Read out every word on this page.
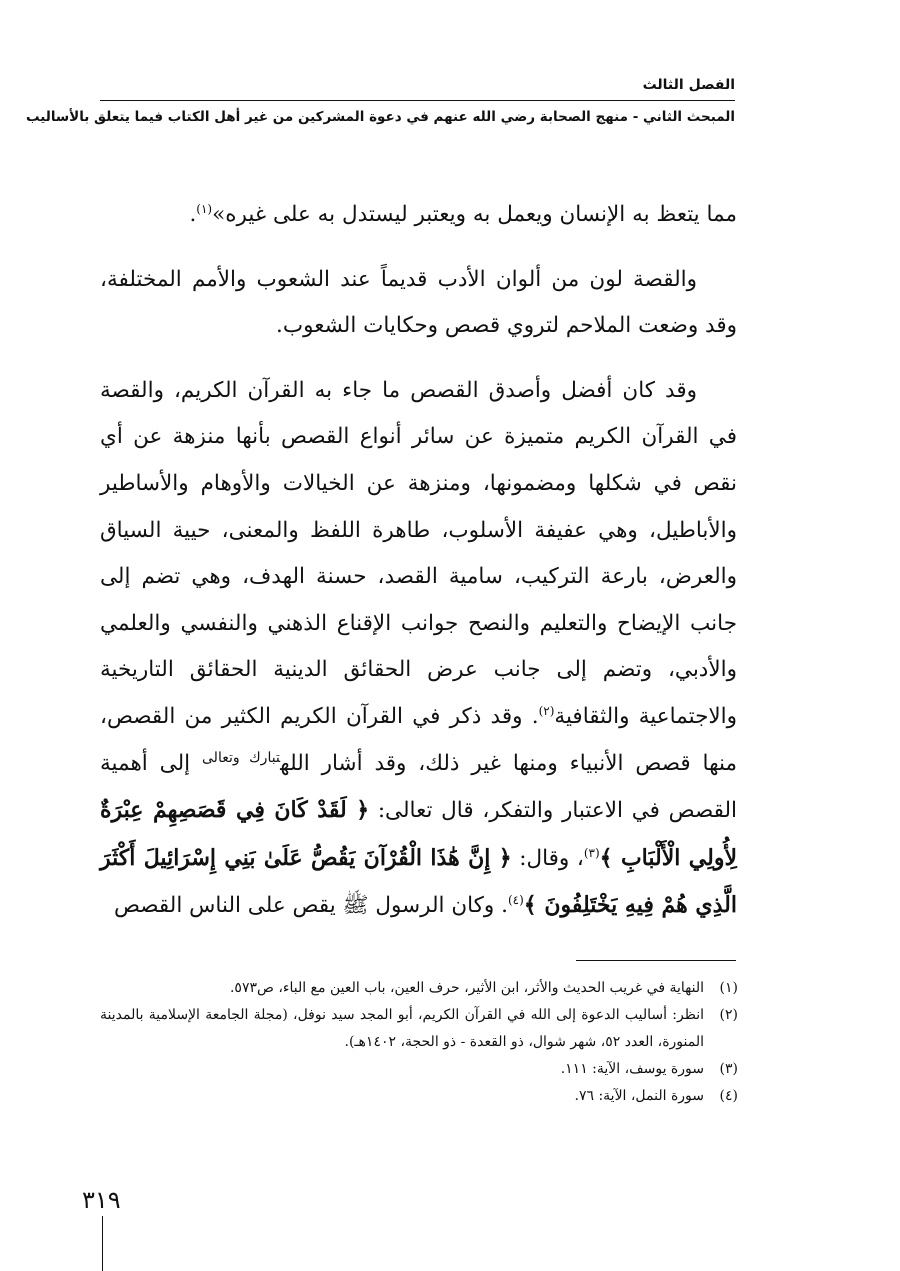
الفصل الثالث
المبحث الثاني - منهج الصحابة رضي الله عنهم في دعوة المشركين من غير أهل الكتاب فيما يتعلق بالأساليب

مما يتعظ به الإنسان ويعمل به ويعتبر ليستدل به على غيره»$^{(١)}$.

والقصة لون من ألوان الأدب قديماً عند الشعوب والأمم المختلفة، وقد وضعت الملاحم لتروي قصص وحكايات الشعوب.

وقد كان أفضل وأصدق القصص ما جاء به القرآن الكريم، والقصة في القرآن الكريم متميزة عن سائر أنواع القصص بأنها منزهة عن أي نقص في شكلها ومضمونها، ومنزهة عن الخيالات والأوهام والأساطير والأباطيل، وهي عفيفة الأسلوب، طاهرة اللفظ والمعنى، حيية السياق والعرض، بارعة التركيب، سامية القصد، حسنة الهدف، وهي تضم إلى جانب الإيضاح والتعليم والنصح جوانب الإقناع الذهني والنفسي والعلمي والأدبي، وتضم إلى جانب عرض الحقائق الدينية الحقائق التاريخية والاجتماعية والثقافية$^{(٢)}$. وقد ذكر في القرآن الكريم الكثير من القصص، منها قصص الأنبياء ومنها غير ذلك، وقد أشار الله$^{تبارك وتعالى}$ إلى أهمية القصص في الاعتبار والتفكر، قال تعالى: ﴿ لَقَدْ كَانَ فِي قَصَصِهِمْ عِبْرَةٌ لِأُولِي الْأَلْبَابِ ﴾$^{(٣)}$، وقال: ﴿ إِنَّ هَٰذَا الْقُرْآنَ يَقُصُّ عَلَىٰ بَنِي إِسْرَائِيلَ أَكْثَرَ الَّذِي هُمْ فِيهِ يَخْتَلِفُونَ ﴾$^{(٤)}$. وكان الرسول ﷺ يقص على الناس القصص

(١)
النهاية في غريب الحديث والأثر، ابن الأثير، حرف العين، باب العين مع الباء، ص٥٧٣.
(٢)
انظر: أساليب الدعوة إلى الله في القرآن الكريم، أبو المجد سيد نوفل، (مجلة الجامعة الإسلامية بالمدينة المنورة، العدد ٥٢، شهر شوال، ذو القعدة - ذو الحجة، ١٤٠٢هـ).
(٣)
سورة يوسف، الآية: ١١١.
(٤)
سورة النمل، الآية: ٧٦.
٣١٩
